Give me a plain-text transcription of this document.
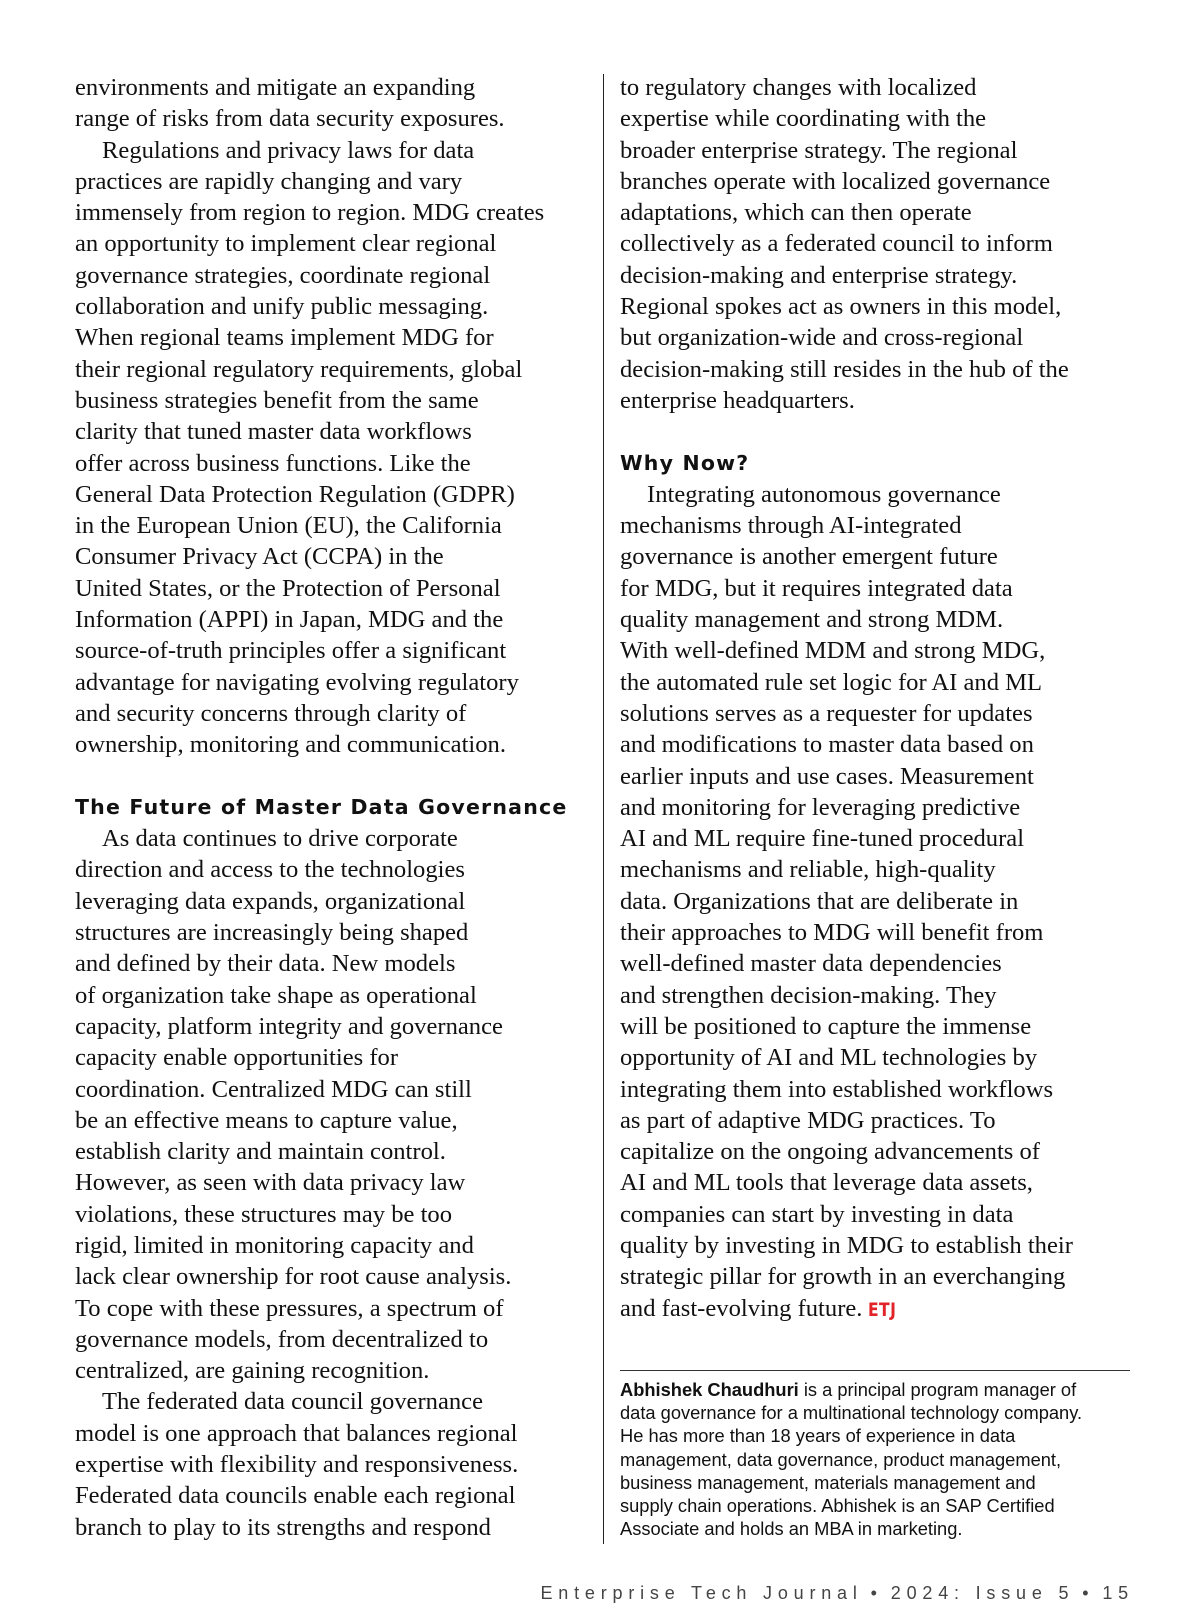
environments and mitigate an expanding
range of risks from data security exposures.
Regulations and privacy laws for data
practices are rapidly changing and vary
immensely from region to region. MDG creates
an opportunity to implement clear regional
governance strategies, coordinate regional
collaboration and unify public messaging.
When regional teams implement MDG for
their regional regulatory requirements, global
business strategies benefit from the same
clarity that tuned master data workflows
offer across business functions. Like the
General Data Protection Regulation (GDPR)
in the European Union (EU), the California
Consumer Privacy Act (CCPA) in the
United States, or the Protection of Personal
Information (APPI) in Japan, MDG and the
source-of-truth principles offer a significant
advantage for navigating evolving regulatory
and security concerns through clarity of
ownership, monitoring and communication.
The Future of Master Data Governance
As data continues to drive corporate
direction and access to the technologies
leveraging data expands, organizational
structures are increasingly being shaped
and defined by their data. New models
of organization take shape as operational
capacity, platform integrity and governance
capacity enable opportunities for
coordination. Centralized MDG can still
be an effective means to capture value,
establish clarity and maintain control.
However, as seen with data privacy law
violations, these structures may be too
rigid, limited in monitoring capacity and
lack clear ownership for root cause analysis.
To cope with these pressures, a spectrum of
governance models, from decentralized to
centralized, are gaining recognition.
The federated data council governance
model is one approach that balances regional
expertise with flexibility and responsiveness.
Federated data councils enable each regional
branch to play to its strengths and respond
to regulatory changes with localized
expertise while coordinating with the
broader enterprise strategy. The regional
branches operate with localized governance
adaptations, which can then operate
collectively as a federated council to inform
decision-making and enterprise strategy.
Regional spokes act as owners in this model,
but organization-wide and cross-regional
decision-making still resides in the hub of the
enterprise headquarters.
Why Now?
Integrating autonomous governance
mechanisms through AI-integrated
governance is another emergent future
for MDG, but it requires integrated data
quality management and strong MDM.
With well-defined MDM and strong MDG,
the automated rule set logic for AI and ML
solutions serves as a requester for updates
and modifications to master data based on
earlier inputs and use cases. Measurement
and monitoring for leveraging predictive
AI and ML require fine-tuned procedural
mechanisms and reliable, high-quality
data. Organizations that are deliberate in
their approaches to MDG will benefit from
well-defined master data dependencies
and strengthen decision-making. They
will be positioned to capture the immense
opportunity of AI and ML technologies by
integrating them into established workflows
as part of adaptive MDG practices. To
capitalize on the ongoing advancements of
AI and ML tools that leverage data assets,
companies can start by investing in data
quality by investing in MDG to establish their
strategic pillar for growth in an everchanging
and fast-evolving future. ETJ
Abhishek Chaudhuri is a principal program manager of
data governance for a multinational technology company.
He has more than 18 years of experience in data
management, data governance, product management,
business management, materials management and
supply chain operations. Abhishek is an SAP Certified
Associate and holds an MBA in marketing.
Enterprise Tech Journal • 2024: Issue 5 • 15
